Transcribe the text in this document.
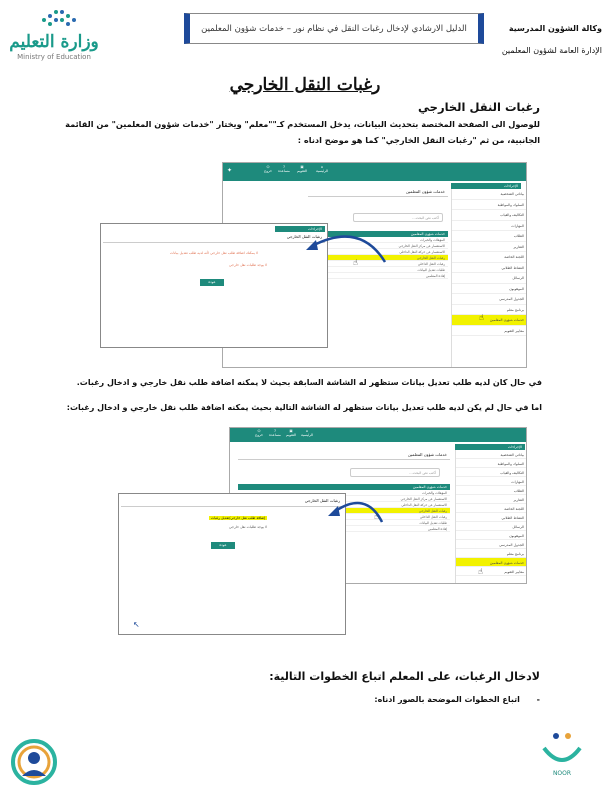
وزارة التعليم
Ministry of Education
الدليل الارشادي لإدخال رغبات النقل في نظام نور – خدمات شؤون المعلمين	وكالة الشؤون المدرسية
الإدارة العامة لشؤون المعلمين
رغبات النقل الخارجي
رغبات النقل الخارجي
للوصول الى الصفحة المختصة بتحديث البيانات، يدخل المستخدم كـ""معلم" ويختار "خدمات شؤون المعلمين" من القائمة
الجانبية، من ثم "رغبات النقل الخارجي" كما هو موضح ادناه :
⌂
الرئيسية
▣
التقويم
?
مساعدة
⏻
خروج
✦
الإجراءات
بياناتي الشخصية
السلوك والمواظبة
التكاليف والغياب
المهارات
الطلاب
التقارير
اللجنة الخاصة
النشاط الطلابي
الرسائل
الموهوبون
الجدول المدرسي
برنامج معلم
خدمات شؤون المعلمين
معايير التقويم
خدمات شؤون المعلمين
أكتب نص البحث...
خدمات شؤون المعلمين
المؤهلات والخبرات
الاستفسار عن مركز النقل الخارجي
الاستفسار عن حركة النقل الداخلي
رغبات النقل الخارجي
رغبات النقل الداخلي
طلبات تعديل البيانات
إفادة المعلمين
☝
☝
الإجراءات
رغبات النقل الخارجي
لا يمكنك اضافة طلب نقل خارجي لأنه لديه طلب تعديل بيانات
لا يوجد طلبات نقل خارجي
عودة
في حال كان لديه طلب تعديل بيانات ستظهر له الشاشة السابقة بحيث لا يمكنه اضافة طلب نقل خارجي و ادخال رغبات.
اما في حال لم يكن لديه طلب تعديل بيانات ستظهر له الشاشة التالية بحيث يمكنه اضافة طلب نقل خارجي و ادخال رغبات:
⌂
الرئيسية
▣
التقويم
?
مساعدة
⏻
خروج
الإجراءات
بياناتي الشخصية
السلوك والمواظبة
التكاليف والغياب
المهارات
الطلاب
التقارير
اللجنة الخاصة
النشاط الطلابي
الرسائل
الموهوبون
الجدول المدرسي
برنامج معلم
خدمات شؤون المعلمين
معايير التقويم
خدمات شؤون المعلمين
أكتب نص البحث...
خدمات شؤون المعلمين
المؤهلات والخبرات
الاستفسار عن مركز النقل الخارجي
الاستفسار عن حركة النقل الداخلي
رغبات النقل الخارجي
رغبات النقل الداخلي
طلبات تعديل البيانات
إفادة المعلمين
☝
☝
رغبات النقل الخارجي
إضافة طلب نقل خارجي/تعديل رغبات
لا يوجد طلبات نقل خارجي
عودة
↖
لادخال الرغبات، على المعلم اتباع الخطوات التالية:
- اتباع الخطوات الموضحة بالصور ادناه:
NOOR
